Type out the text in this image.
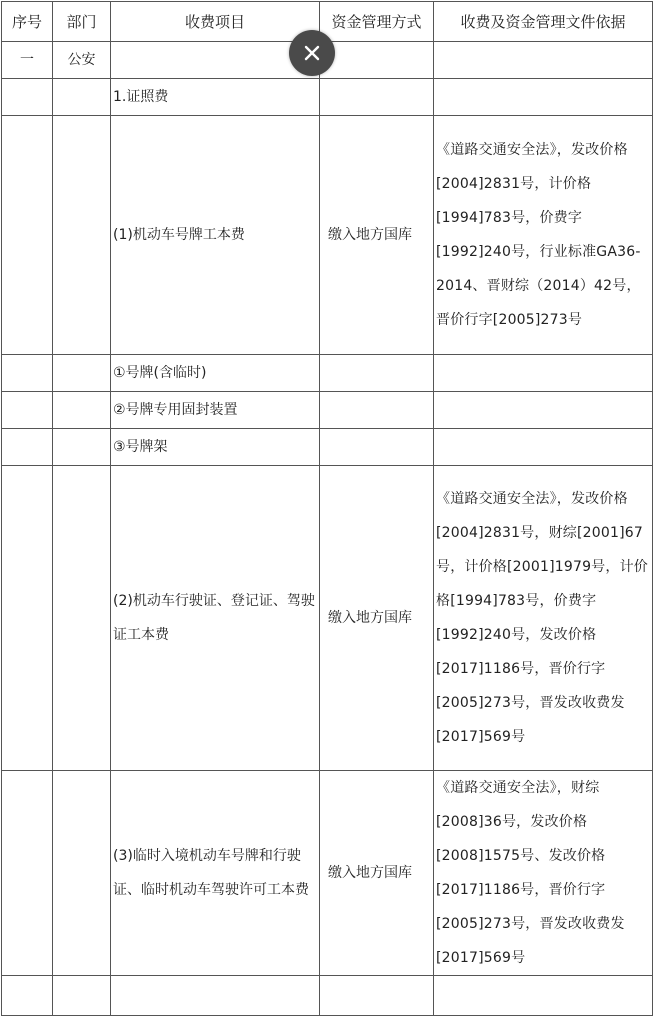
序号	部门	收费项目	资金管理方式	收费及资金管理文件依据
一	公安			
		1.证照费		
		(1)机动车号牌工本费	缴入地方国库	《道路交通安全法》，发改价格[2004]2831号，计价格[1994]783号，价费字[1992]240号，行业标准GA36-2014、晋财综（2014）42号，晋价行字[2005]273号
		①号牌(含临时)		
		②号牌专用固封装置		
		③号牌架		
		(2)机动车行驶证、登记证、驾驶证工本费	缴入地方国库	《道路交通安全法》，发改价格[2004]2831号，财综[2001]67号，计价格[2001]1979号，计价格[1994]783号，价费字[1992]240号，发改价格[2017]1186号，晋价行字[2005]273号，晋发改收费发[2017]569号
		(3)临时入境机动车号牌和行驶证、临时机动车驾驶许可工本费	缴入地方国库	《道路交通安全法》，财综[2008]36号，发改价格[2008]1575号、发改价格[2017]1186号，晋价行字[2005]273号，晋发改收费发[2017]569号
